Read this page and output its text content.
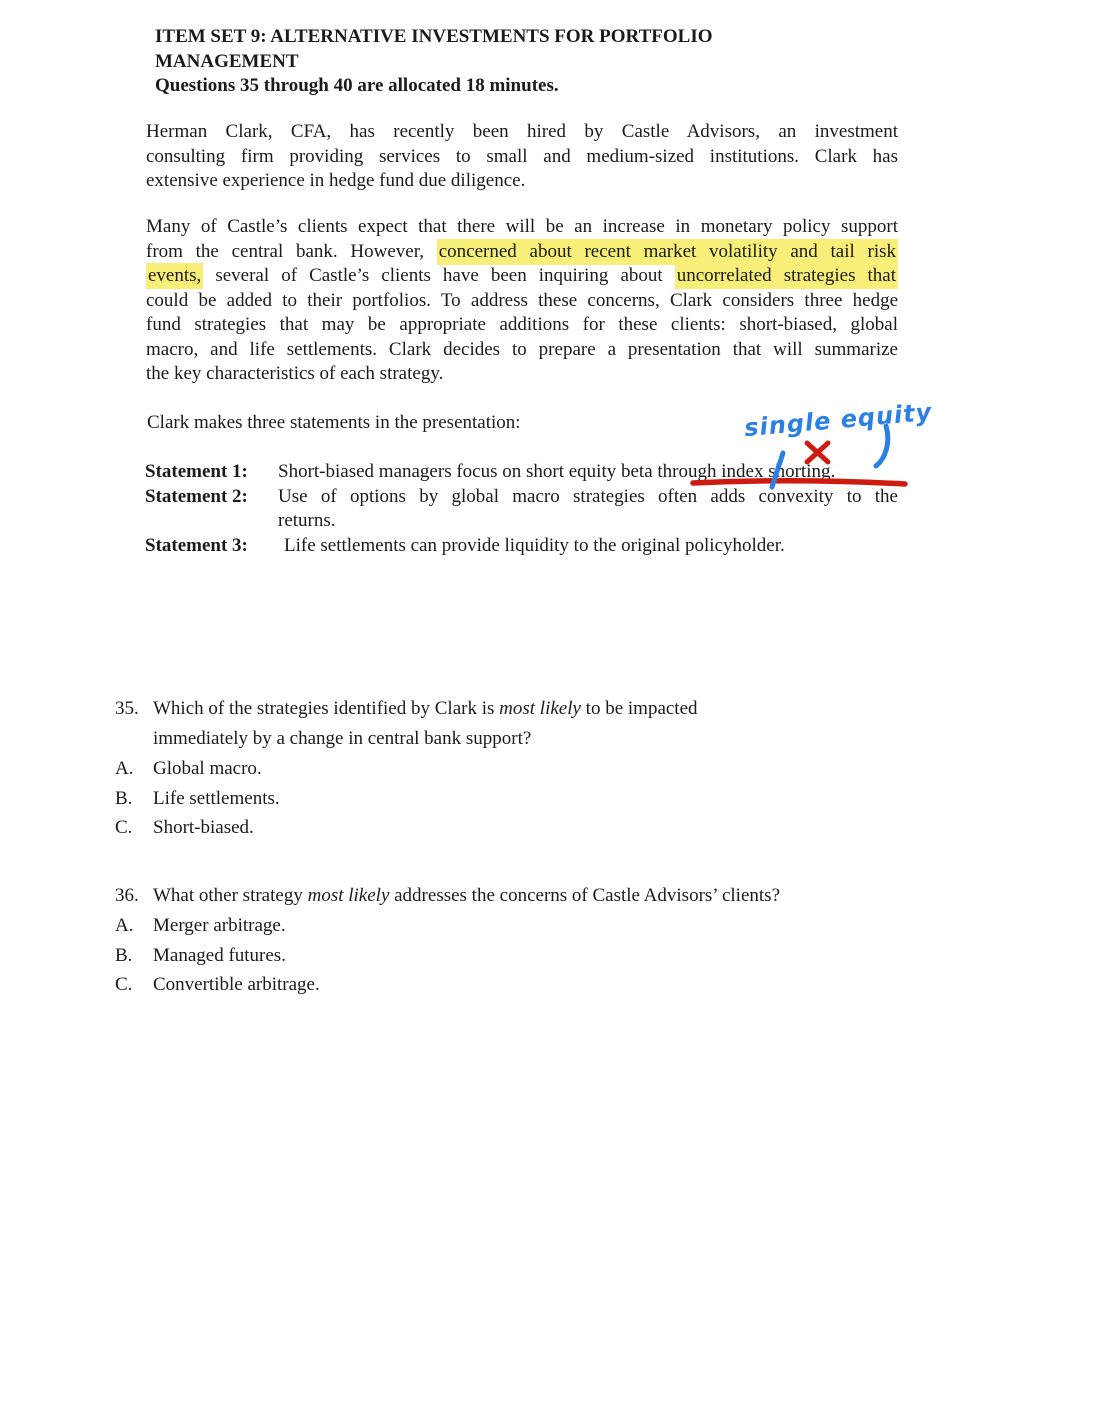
ITEM SET 9: ALTERNATIVE INVESTMENTS FOR PORTFOLIO
MANAGEMENT
Questions 35 through 40 are allocated 18 minutes.
Herman Clark, CFA, has recently been hired by Castle Advisors, an investment
consulting firm providing services to small and medium-sized institutions. Clark has
extensive experience in hedge fund due diligence.
Many of Castle’s clients expect that there will be an increase in monetary policy support
from the central bank. However, concerned about recent market volatility and tail risk
events, several of Castle’s clients have been inquiring about uncorrelated strategies that
could be added to their portfolios. To address these concerns, Clark considers three hedge
fund strategies that may be appropriate additions for these clients: short-biased, global
macro, and life settlements. Clark decides to prepare a presentation that will summarize
the key characteristics of each strategy.
Clark makes three statements in the presentation:
Statement 1:	Short-biased managers focus on short equity beta through index shorting.
Statement 2:	Use of options by global macro strategies often adds convexity to the
returns.
Statement 3:	Life settlements can provide liquidity to the original policyholder.
single equity
35. Which of the strategies identified by Clark is most likely to be impacted
immediately by a change in central bank support?
A.	Global macro.
B.	Life settlements.
C.	Short-biased.
36. What other strategy most likely addresses the concerns of Castle Advisors’ clients?
A.	Merger arbitrage.
B.	Managed futures.
C.	Convertible arbitrage.
